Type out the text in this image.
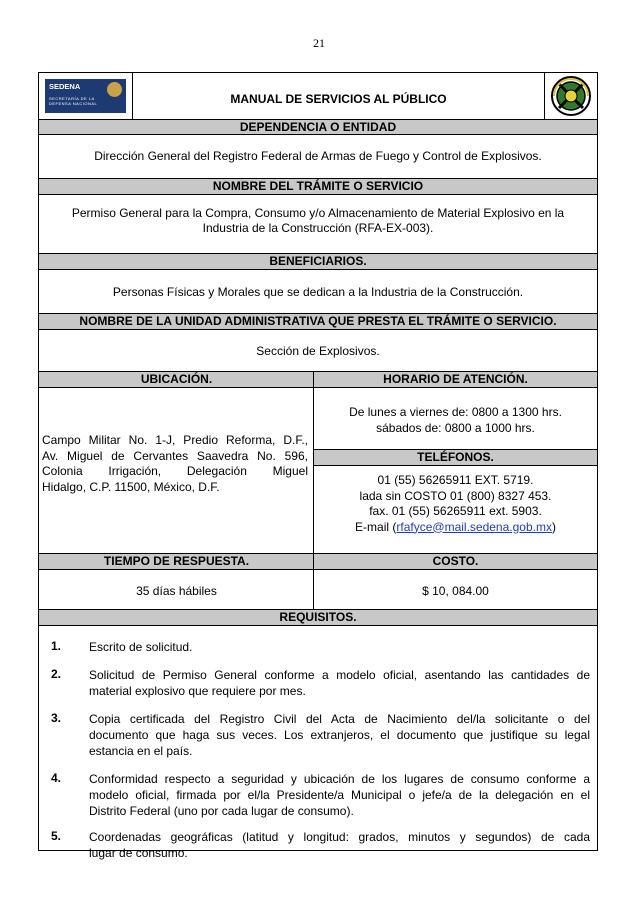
21
SEDENA
SECRETARÍA DE LA
DEFENSA NACIONAL	MANUAL DE SERVICIOS AL PÚBLICO
DEPENDENCIA O ENTIDAD
Dirección General del Registro Federal de Armas de Fuego y Control de Explosivos.
NOMBRE DEL TRÁMITE O SERVICIO
Permiso General para la Compra, Consumo y/o Almacenamiento de Material Explosivo en la
Industria de la Construcción (RFA-EX-003).
BENEFICIARIOS.
Personas Físicas y Morales que se dedican a la Industria de la Construcción.
NOMBRE DE LA UNIDAD ADMINISTRATIVA QUE PRESTA EL TRÁMITE O SERVICIO.
Sección de Explosivos.
UBICACIÓN.	HORARIO DE ATENCIÓN.
Campo Militar No. 1-J, Predio Reforma, D.F.,
Av. Miguel de Cervantes Saavedra No. 596,
Colonia Irrigación, Delegación Miguel
Hidalgo, C.P. 11500, México, D.F.
De lunes a viernes de: 0800 a 1300 hrs.
sábados de: 0800 a 1000 hrs.
TELÉFONOS.
01 (55) 56265911 EXT. 5719.
lada sin COSTO 01 (800) 8327 453.
fax. 01 (55) 56265911 ext. 5903.
E-mail (rfafyce@mail.sedena.gob.mx)
TIEMPO DE RESPUESTA.	COSTO.
35 días hábiles	$ 10, 084.00
REQUISITOS.
1. Escrito de solicitud.
2. Solicitud de Permiso General conforme a modelo oficial, asentando las cantidades de
material explosivo que requiere por mes.
3. Copia certificada del Registro Civil del Acta de Nacimiento del/la solicitante o del
documento que haga sus veces. Los extranjeros, el documento que justifique su legal
estancia en el país.
4. Conformidad respecto a seguridad y ubicación de los lugares de consumo conforme a
modelo oficial, firmada por el/la Presidente/a Municipal o jefe/a de la delegación en el
Distrito Federal (uno por cada lugar de consumo).
5. Coordenadas geográficas (latitud y longitud: grados, minutos y segundos) de cada
lugar de consumo.
